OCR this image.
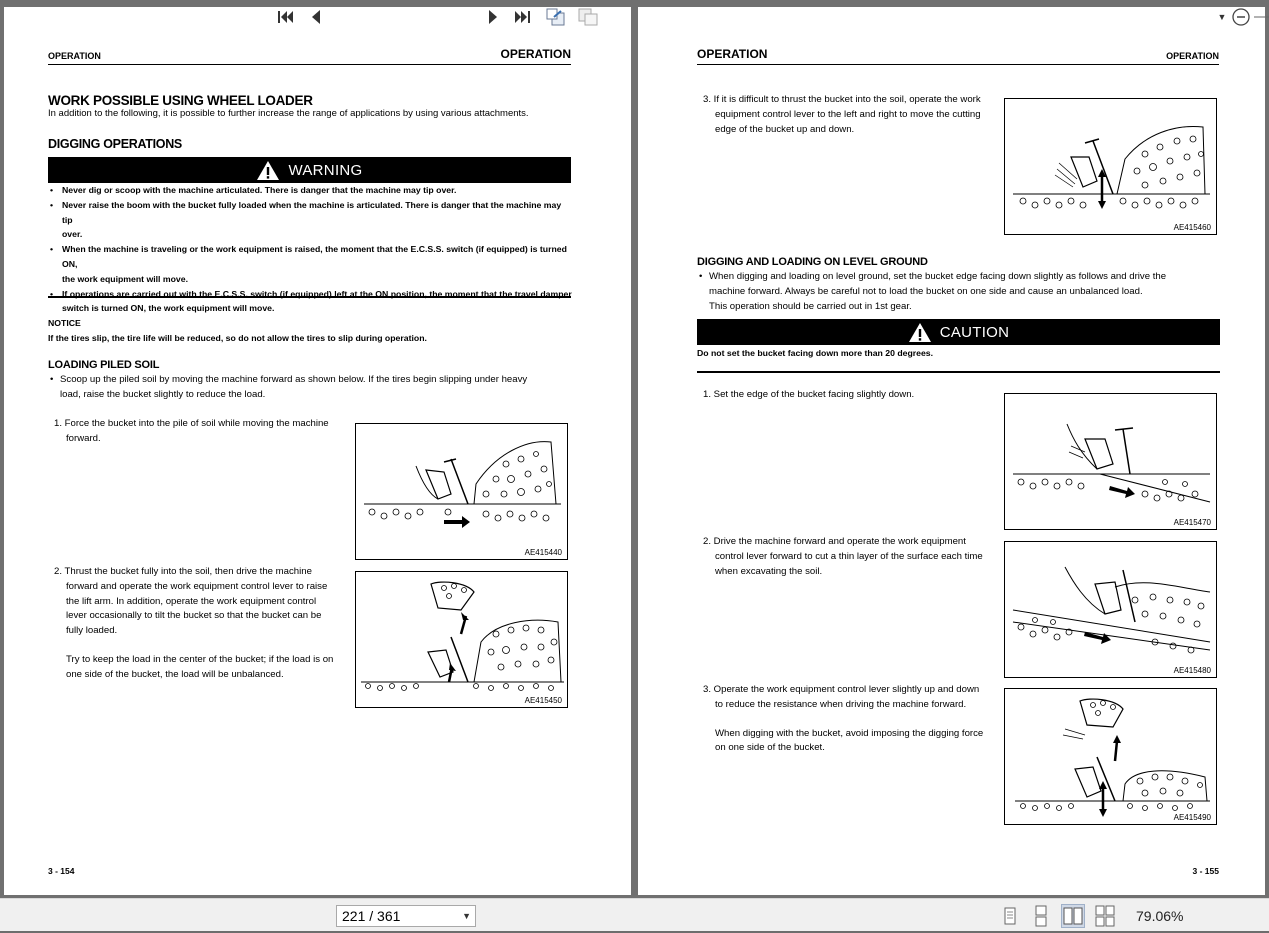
OPERATION	OPERATION
WORK POSSIBLE USING WHEEL LOADER
In addition to the following, it is possible to further increase the range of applications by using various attachments.
DIGGING OPERATIONS
WARNING
•	Never dig or scoop with the machine articulated. There is danger that the machine may tip over.
•	Never raise the boom with the bucket fully loaded when the machine is articulated. There is danger that the machine may tip
over.
•	When the machine is traveling or the work equipment is raised, the moment that the E.C.S.S. switch (if equipped) is turned ON,
the work equipment will move.
•	If operations are carried out with the E.C.S.S. switch (if equipped) left at the ON position, the moment that the travel damper
switch is turned ON, the work equipment will move.
NOTICE
If the tires slip, the tire life will be reduced, so do not allow the tires to slip during operation.
LOADING PILED SOIL
• Scoop up the piled soil by moving the machine forward as shown below. If the tires begin slipping under heavy
load, raise the bucket slightly to reduce the load.
1. Force the bucket into the pile of soil while moving the machine
forward.
AE415440
2. Thrust the bucket fully into the soil, then drive the machine
forward and operate the work equipment control lever to raise
the lift arm. In addition, operate the work equipment control
lever occasionally to tilt the bucket so that the bucket can be
fully loaded.
Try to keep the load in the center of the bucket; if the load is on
one side of the bucket, the load will be unbalanced.
AE415450
3 - 154
OPERATION	OPERATION
3. If it is difficult to thrust the bucket into the soil, operate the work
equipment control lever to the left and right to move the cutting
edge of the bucket up and down.
AE415460
DIGGING AND LOADING ON LEVEL GROUND
• When digging and loading on level ground, set the bucket edge facing down slightly as follows and drive the
machine forward. Always be careful not to load the bucket on one side and cause an unbalanced load.
This operation should be carried out in 1st gear.
CAUTION
Do not set the bucket facing down more than 20 degrees.
1. Set the edge of the bucket facing slightly down.
AE415470
2. Drive the machine forward and operate the work equipment
control lever forward to cut a thin layer of the surface each time
when excavating the soil.
AE415480
3. Operate the work equipment control lever slightly up and down
to reduce the resistance when driving the machine forward.
When digging with the bucket, avoid imposing the digging force
on one side of the bucket.
AE415490
3 - 155
221 / 361	▼	79.06%
▼
